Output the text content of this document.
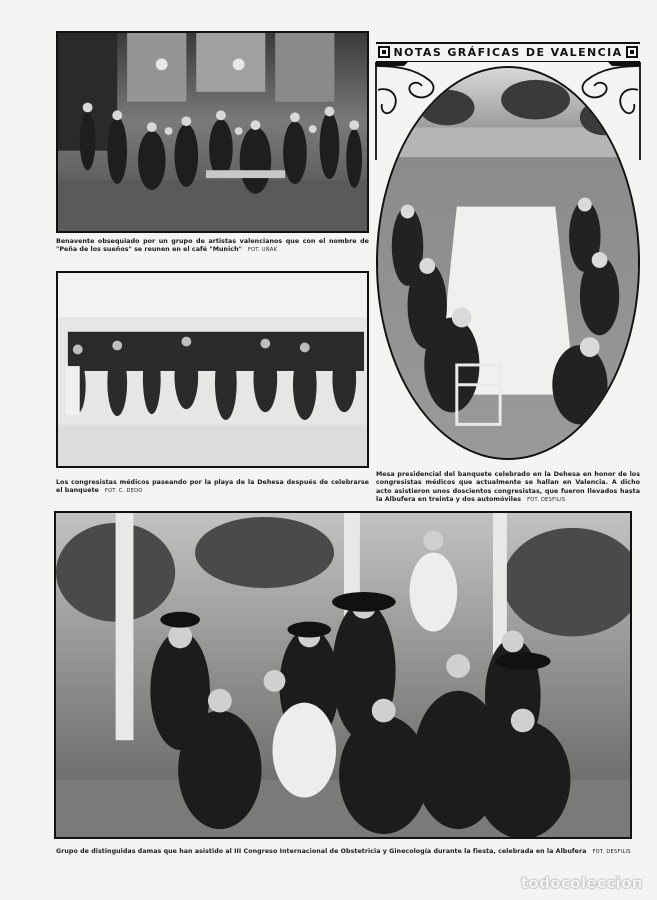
Benavente obsequiado por un grupo de artistas valencianos que con el nombre de "Peña de los sueños" se reunen en el café "Munich" FOT. UÑAK
Los congresistas médicos paseando por la playa de la Dehesa después de celebrarse el banquete FOT. C. DEDO
NOTAS GRÁFICAS DE VALENCIA
Mesa presidencial del banquete celebrado en la Dehesa en honor de los congresistas médicos que actualmente se hallan en Valencia. A dicho acto asistieron unos doscientos congresistas, que fueron llevados hasta la Albufera en treinta y dos automóviles FOT. DESFILIS
Grupo de distinguidas damas que han asistido al III Congreso Internacional de Obstetricia y Ginecología durante la fiesta, celebrada en la Albufera FOT. DESFILIS
todocoleccion
